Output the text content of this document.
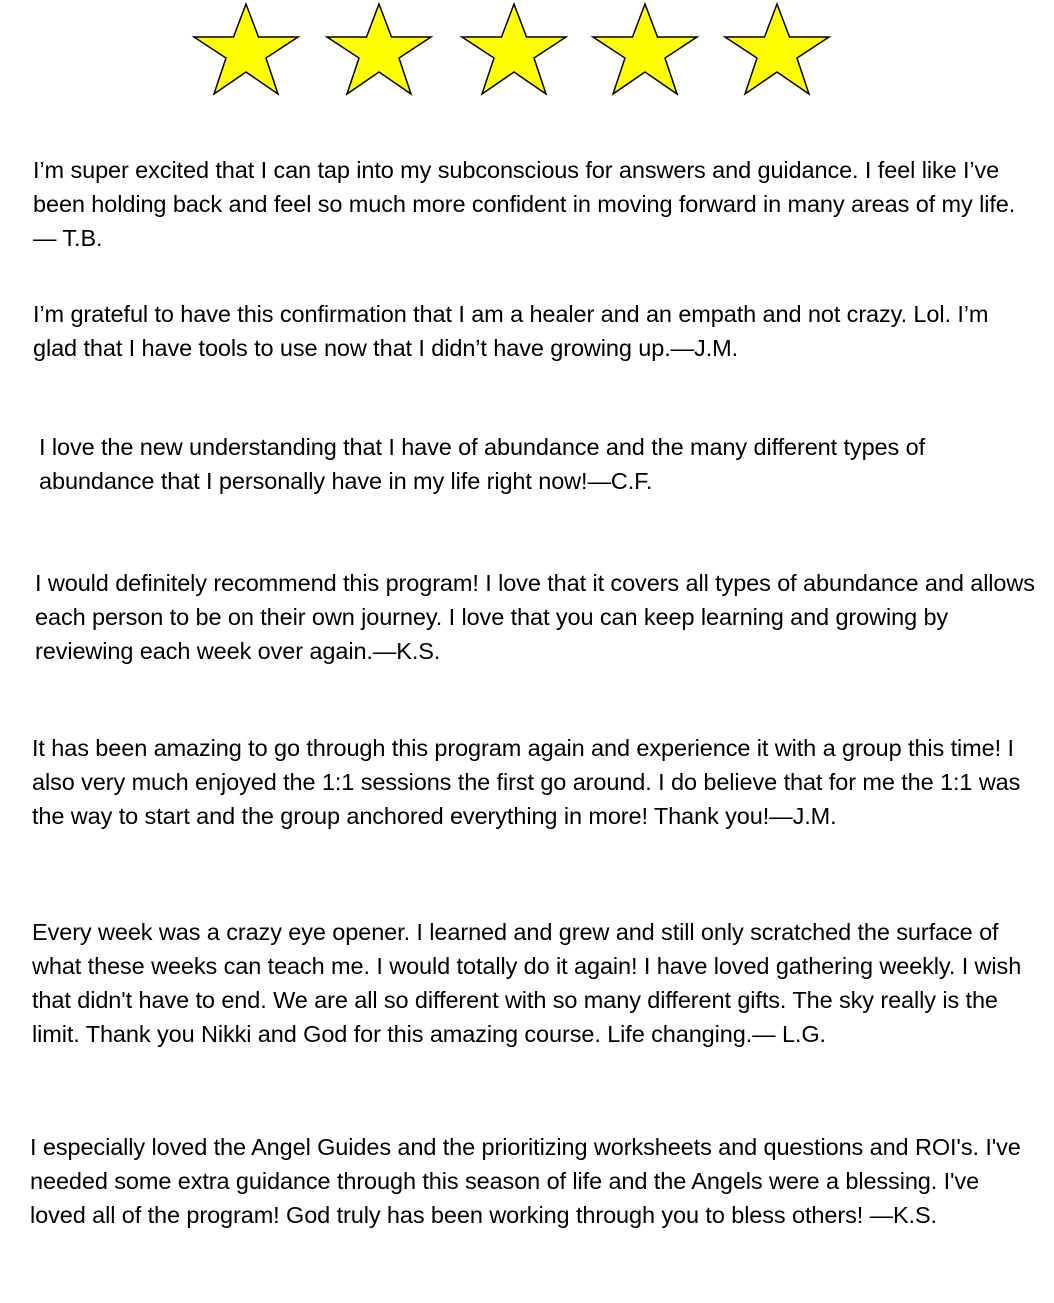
I’m super excited that I can tap into my subconscious for answers and guidance. I feel like I’ve been holding back and feel so much more confident in moving forward in many areas of my life.— T.B.

I’m grateful to have this confirmation that I am a healer and an empath and not crazy. Lol. I’m glad that I have tools to use now that I didn’t have growing up.—J.M.

I love the new understanding that I have of abundance and the many different types of abundance that I personally have in my life right now!—C.F.

I would definitely recommend this program! I love that it covers all types of abundance and allows each person to be on their own journey. I love that you can keep learning and growing by reviewing each week over again.—K.S.

It has been amazing to go through this program again and experience it with a group this time! I also very much enjoyed the 1:1 sessions the first go around. I do believe that for me the 1:1 was the way to start and the group anchored everything in more! Thank you!—J.M.

Every week was a crazy eye opener. I learned and grew and still only scratched the surface of what these weeks can teach me. I would totally do it again! I have loved gathering weekly. I wish that didn't have to end. We are all so different with so many different gifts. The sky really is the limit. Thank you Nikki and God for this amazing course. Life changing.— L.G.

I especially loved the Angel Guides and the prioritizing worksheets and questions and ROI's. I've needed some extra guidance through this season of life and the Angels were a blessing. I've loved all of the program! God truly has been working through you to bless others! —K.S.
